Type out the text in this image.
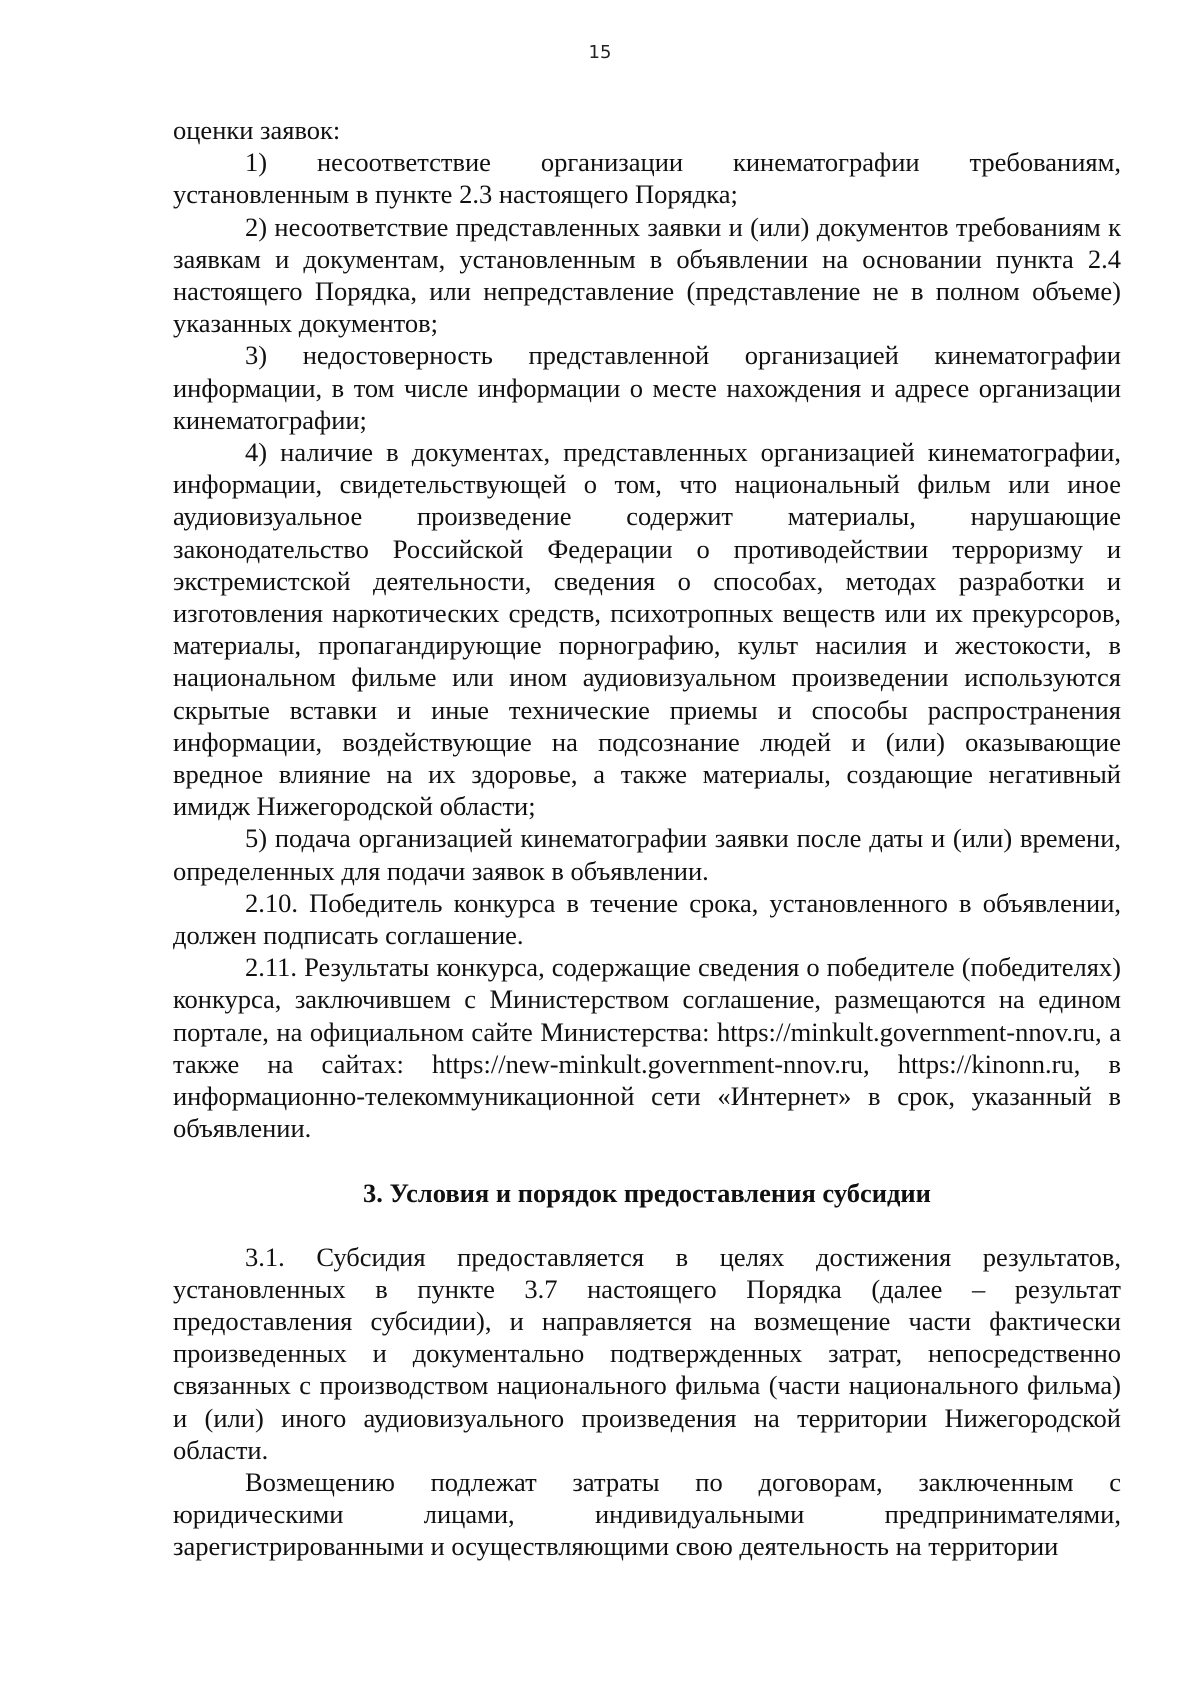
15

оценки заявок:

1) несоответствие организации кинематографии требованиям, установленным в пункте 2.3 настоящего Порядка;

2) несоответствие представленных заявки и (или) документов требованиям к заявкам и документам, установленным в объявлении на основании пункта 2.4 настоящего Порядка, или непредставление (представление не в полном объеме) указанных документов;

3) недостоверность представленной организацией кинематографии информации, в том числе информации о месте нахождения и адресе организации кинематографии;

4) наличие в документах, представленных организацией кинематографии, информации, свидетельствующей о том, что национальный фильм или иное аудиовизуальное произведение содержит материалы, нарушающие законодательство Российской Федерации о противодействии терроризму и экстремистской деятельности, сведения о способах, методах разработки и изготовления наркотических средств, психотропных веществ или их прекурсоров, материалы, пропагандирующие порнографию, культ насилия и жестокости, в национальном фильме или ином аудиовизуальном произведении используются скрытые вставки и иные технические приемы и способы распространения информации, воздействующие на подсознание людей и (или) оказывающие вредное влияние на их здоровье, а также материалы, создающие негативный имидж Нижегородской области;

5) подача организацией кинематографии заявки после даты и (или) времени, определенных для подачи заявок в объявлении.

2.10. Победитель конкурса в течение срока, установленного в объявлении, должен подписать соглашение.

2.11. Результаты конкурса, содержащие сведения о победителе (победителях) конкурса, заключившем с Министерством соглашение, размещаются на едином портале, на официальном сайте Министерства: https://minkult.government-nnov.ru, а также на сайтах: https://new-minkult.government-nnov.ru, https://kinonn.ru, в информационно-телекоммуникационной сети «Интернет» в срок, указанный в объявлении.

3. Условия и порядок предоставления субсидии

3.1. Субсидия предоставляется в целях достижения результатов, установленных в пункте 3.7 настоящего Порядка (далее – результат предоставления субсидии), и направляется на возмещение части фактически произведенных и документально подтвержденных затрат, непосредственно связанных с производством национального фильма (части национального фильма) и (или) иного аудиовизуального произведения на территории Нижегородской области.

Возмещению подлежат затраты по договорам, заключенным с юридическими лицами, индивидуальными предпринимателями, зарегистрированными и осуществляющими свою деятельность на территории
